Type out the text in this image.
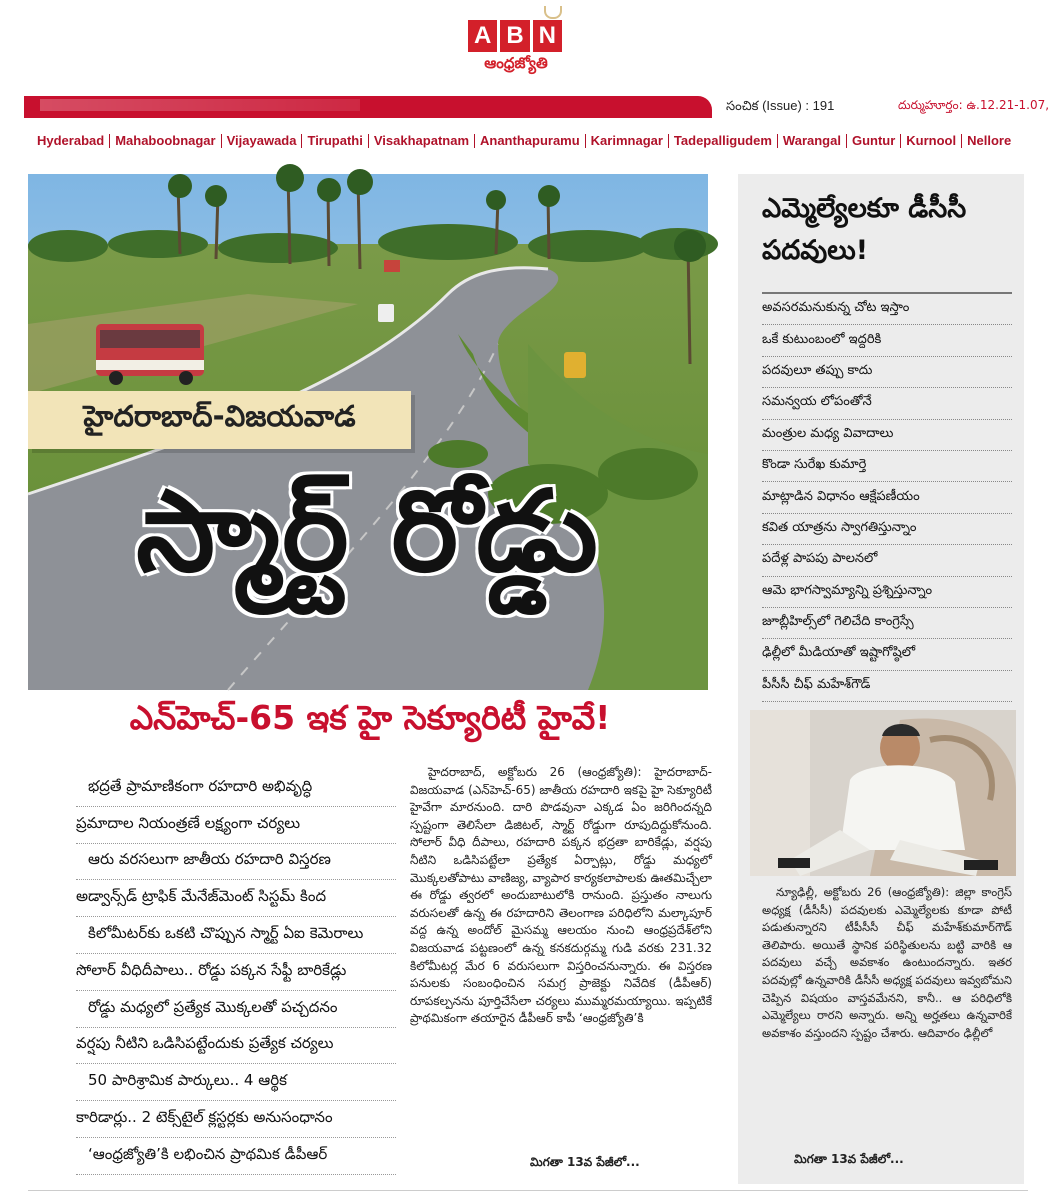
A B N
ఆంధ్రజ్యోతి
సంచిక (Issue) : 191	దుర్ముహూర్తం: ఉ.12.21-1.07,
Hyderabad Mahaboobnagar Vijayawada Tirupathi Visakhapatnam Ananthapuramu Karimnagar Tadepalligudem Warangal Guntur Kurnool Nellore
హైదరాబాద్-విజయవాడ
స్మార్ట్ రోడ్డు
ఎన్‌హెచ్-65 ఇక హై సెక్యూరిటీ హైవే!
భద్రతే ప్రామాణికంగా రహదారి అభివృద్ధి
ప్రమాదాల నియంత్రణే లక్ష్యంగా చర్యలు
ఆరు వరసలుగా జాతీయ రహదారి విస్తరణ
అడ్వాన్స్‌డ్ ట్రాఫిక్ మేనేజ్‌మెంట్ సిస్టమ్ కింద
కిలోమీటర్‌కు ఒకటి చొప్పున స్మార్ట్ ఏఐ కెమెరాలు
సోలార్ వీధిదీపాలు.. రోడ్డు పక్కన సేఫ్టీ బారికేడ్లు
రోడ్డు మధ్యలో ప్రత్యేక మొక్కలతో పచ్చదనం
వర్షపు నీటిని ఒడిసిపట్టేందుకు ప్రత్యేక చర్యలు
50 పారిశ్రామిక పార్కులు.. 4 ఆర్థిక
కారిడార్లు.. 2 టెక్స్‌టైల్ క్లస్టర్లకు అనుసంధానం
‘ఆంధ్రజ్యోతి’కి లభించిన ప్రాథమిక డీపీఆర్

హైదరాబాద్, అక్టోబరు 26 (ఆంధ్రజ్యోతి): హైదరాబాద్-విజయవాడ (ఎన్‌హెచ్-65) జాతీయ రహదారి ఇకపై హై సెక్యూరిటీ హైవేగా మారనుంది. దారి పొడవునా ఎక్కడ ఏం జరిగిందన్నది స్పష్టంగా తెలిసేలా డిజిటల్, స్మార్ట్ రోడ్డుగా రూపుదిద్దుకోనుంది. సోలార్ వీధి దీపాలు, రహదారి పక్కన భద్రతా బారికేడ్లు, వర్షపు నీటిని ఒడిసిపట్టేలా ప్రత్యేక ఏర్పాట్లు, రోడ్డు మధ్యలో మొక్కలతోపాటు వాణిజ్య, వ్యాపార కార్యకలాపాలకు ఊతమిచ్చేలా ఈ రోడ్డు త్వరలో అందుబాటులోకి రానుంది. ప్రస్తుతం నాలుగు వరుసలతో ఉన్న ఈ రహదారిని తెలంగాణ పరిధిలోని మల్కాపూర్ వద్ద ఉన్న అందోల్ మైసమ్మ ఆలయం నుంచి ఆంధ్రప్రదేశ్‌లోని విజయవాడ పట్టణంలో ఉన్న కనకదుర్గమ్మ గుడి వరకు 231.32 కిలోమీటర్ల మేర 6 వరుసలుగా విస్తరించనున్నారు. ఈ విస్తరణ పనులకు సంబంధించిన సమగ్ర ప్రాజెక్టు నివేదిక (డీపీఆర్) రూపకల్పనను పూర్తిచేసేలా చర్యలు ముమ్మరమయ్యాయి. ఇప్పటికే ప్రాథమికంగా తయారైన డీపీఆర్ కాపీ ‘ఆంధ్రజ్యోతి’కి

మిగతా 13వ పేజీలో...
ఎమ్మెల్యేలకూ డీసీసీ పదవులు!
అవసరమనుకున్న చోట ఇస్తాం
ఒకే కుటుంబంలో ఇద్దరికి
పదవులూ తప్పు కాదు
సమన్వయ లోపంతోనే
మంత్రుల మధ్య వివాదాలు
కొండా సురేఖ కుమార్తె
మాట్లాడిన విధానం ఆక్షేపణీయం
కవిత యాత్రను స్వాగతిస్తున్నాం
పదేళ్ల పాపపు పాలనలో
ఆమె భాగస్వామ్యాన్ని ప్రశ్నిస్తున్నాం
జూబ్లీహిల్స్‌లో గెలిచేది కాంగ్రెస్సే
ఢిల్లీలో మీడియాతో ఇష్టాగోష్ఠిలో
పీసీసీ చీఫ్ మహేశ్‌గౌడ్

న్యూఢిల్లీ, అక్టోబరు 26 (ఆంధ్రజ్యోతి): జిల్లా కాంగ్రెస్ అధ్యక్ష (డీసీసీ) పదవులకు ఎమ్మెల్యేలకు కూడా పోటీ పడుతున్నారని టీపీసీసీ చీఫ్ మహేశ్‌కుమార్‌గౌడ్ తెలిపారు. అయితే స్థానిక పరిస్థితులను బట్టి వారికి ఆ పదవులు వచ్చే అవకాశం ఉంటుందన్నారు. ఇతర పదవుల్లో ఉన్నవారికి డీసీసీ అధ్యక్ష పదవులు ఇవ్వబోమని చెప్పిన విషయం వాస్తవమేనని, కానీ.. ఆ పరిధిలోకి ఎమ్మెల్యేలు రారని అన్నారు. అన్ని అర్హతలు ఉన్నవారికే అవకాశం వస్తుందని స్పష్టం చేశారు. ఆదివారం ఢిల్లీలో

మిగతా 13వ పేజీలో...
